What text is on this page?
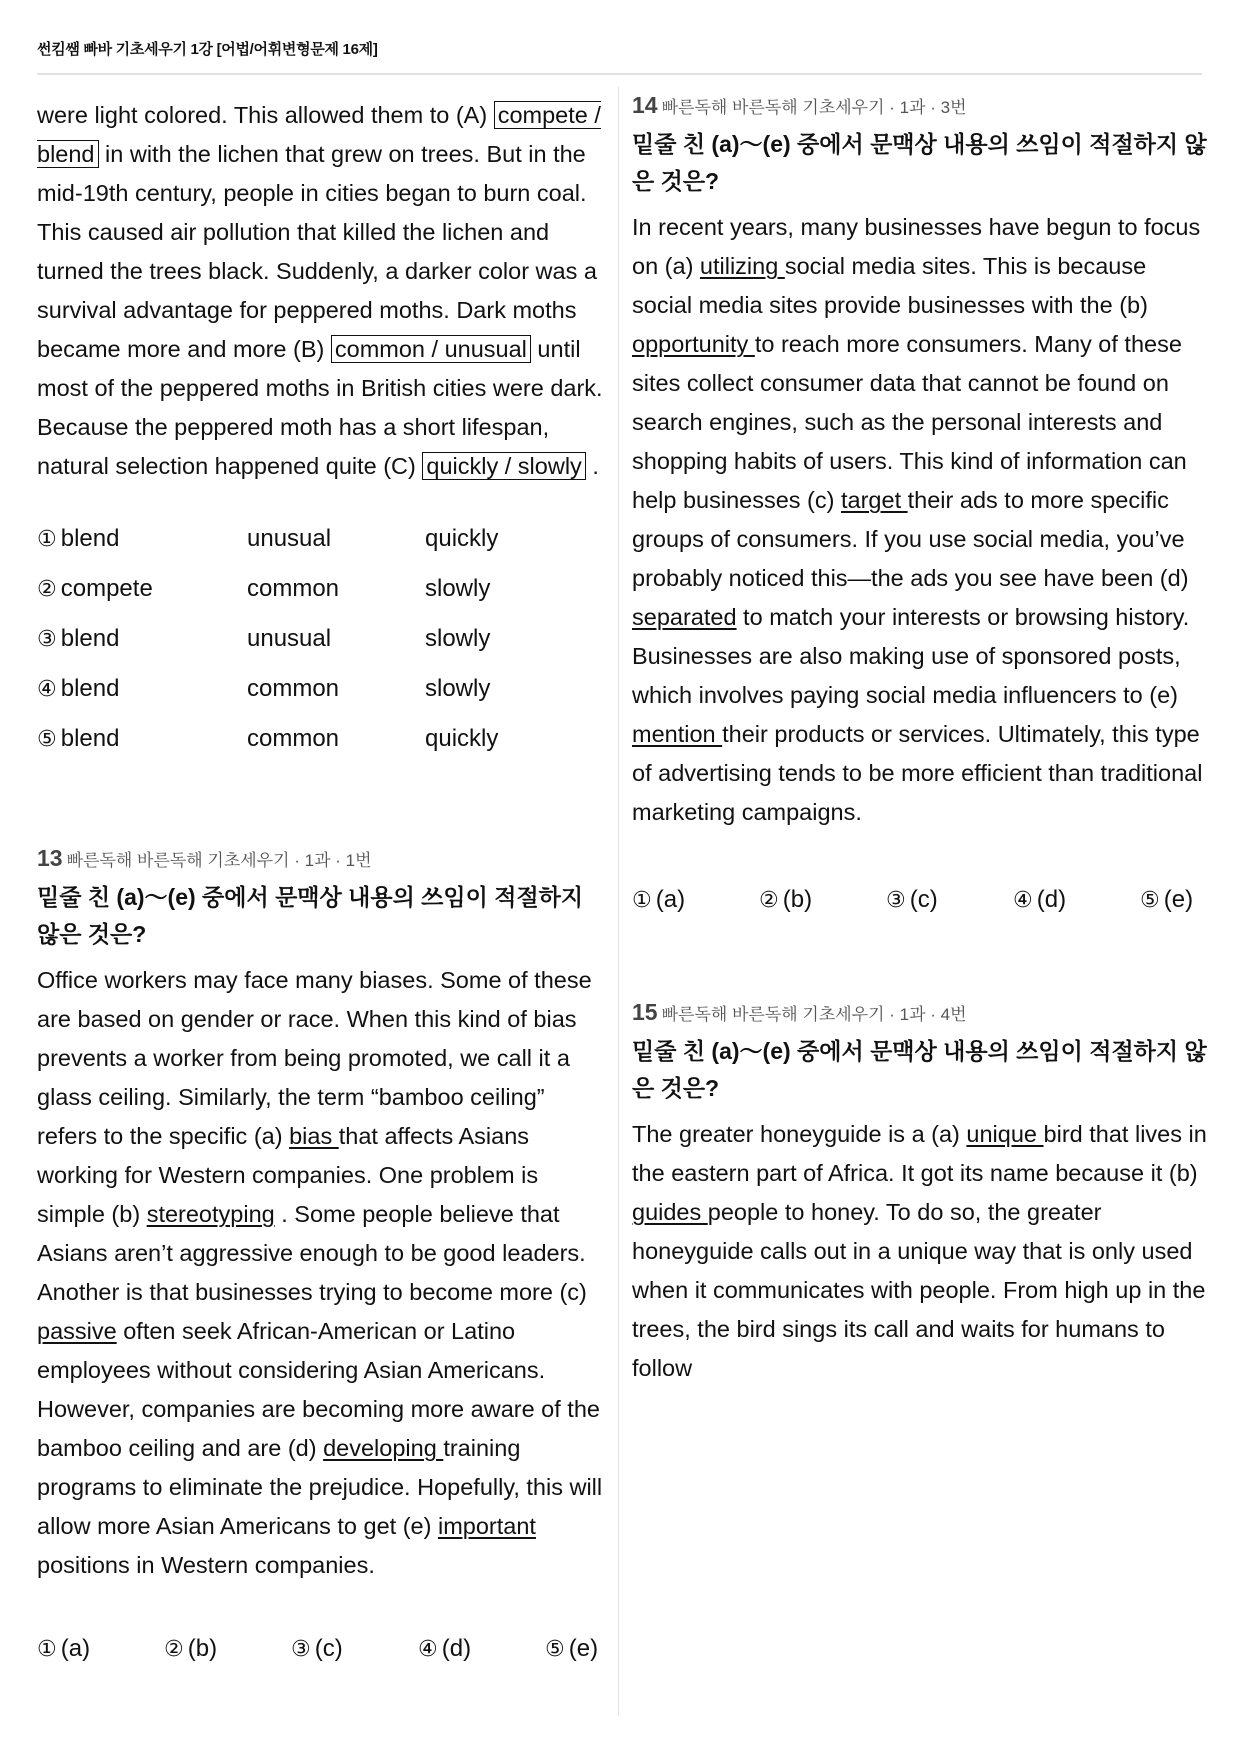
썬킴쌤 빠바 기초세우기 1강 [어법/어휘변형문제 16제]

were light colored. This allowed them to (A) compete / blend in with the lichen that grew on trees. But in the mid-19th century, people in cities began to burn coal. This caused air pollution that killed the lichen and turned the trees black. Suddenly, a darker color was a survival advantage for peppered moths. Dark moths became more and more (B) common / unusual until most of the peppered moths in British cities were dark. Because the peppered moth has a short lifespan, natural selection happened quite (C) quickly / slowly .

① blend	unusual	quickly
② compete	common	slowly
③ blend	unusual	slowly
④ blend	common	slowly
⑤ blend	common	quickly
13 빠른독해 바른독해 기초세우기 · 1과 · 1번
밑줄 친 (a)〜(e) 중에서 문맥상 내용의 쓰임이 적절하지 않은 것은?

Office workers may face many biases. Some of these are based on gender or race. When this kind of bias prevents a worker from being promoted, we call it a glass ceiling. Similarly, the term “bamboo ceiling” refers to the specific (a) bias that affects Asians working for Western companies. One problem is simple (b) stereotyping . Some people believe that Asians aren’t aggressive enough to be good leaders. Another is that businesses trying to become more (c) passive often seek African-American or Latino employees without considering Asian Americans. However, companies are becoming more aware of the bamboo ceiling and are (d) developing training programs to eliminate the prejudice. Hopefully, this will allow more Asian Americans to get (e) important positions in Western companies.

① (a)	② (b)	③ (c)	④ (d)	⑤ (e)
14 빠른독해 바른독해 기초세우기 · 1과 · 3번
밑줄 친 (a)〜(e) 중에서 문맥상 내용의 쓰임이 적절하지 않은 것은?

In recent years, many businesses have begun to focus on (a) utilizing social media sites. This is because social media sites provide businesses with the (b) opportunity to reach more consumers. Many of these sites collect consumer data that cannot be found on search engines, such as the personal interests and shopping habits of users. This kind of information can help businesses (c) target their ads to more specific groups of consumers. If you use social media, you’ve probably noticed this—the ads you see have been (d) separated to match your interests or browsing history. Businesses are also making use of sponsored posts, which involves paying social media influencers to (e) mention their products or services. Ultimately, this type of advertising tends to be more efficient than traditional marketing campaigns.

① (a)	② (b)	③ (c)	④ (d)	⑤ (e)
15 빠른독해 바른독해 기초세우기 · 1과 · 4번
밑줄 친 (a)〜(e) 중에서 문맥상 내용의 쓰임이 적절하지 않은 것은?

The greater honeyguide is a (a) unique bird that lives in the eastern part of Africa. It got its name because it (b) guides people to honey. To do so, the greater honeyguide calls out in a unique way that is only used when it communicates with people. From high up in the trees, the bird sings its call and waits for humans to follow
